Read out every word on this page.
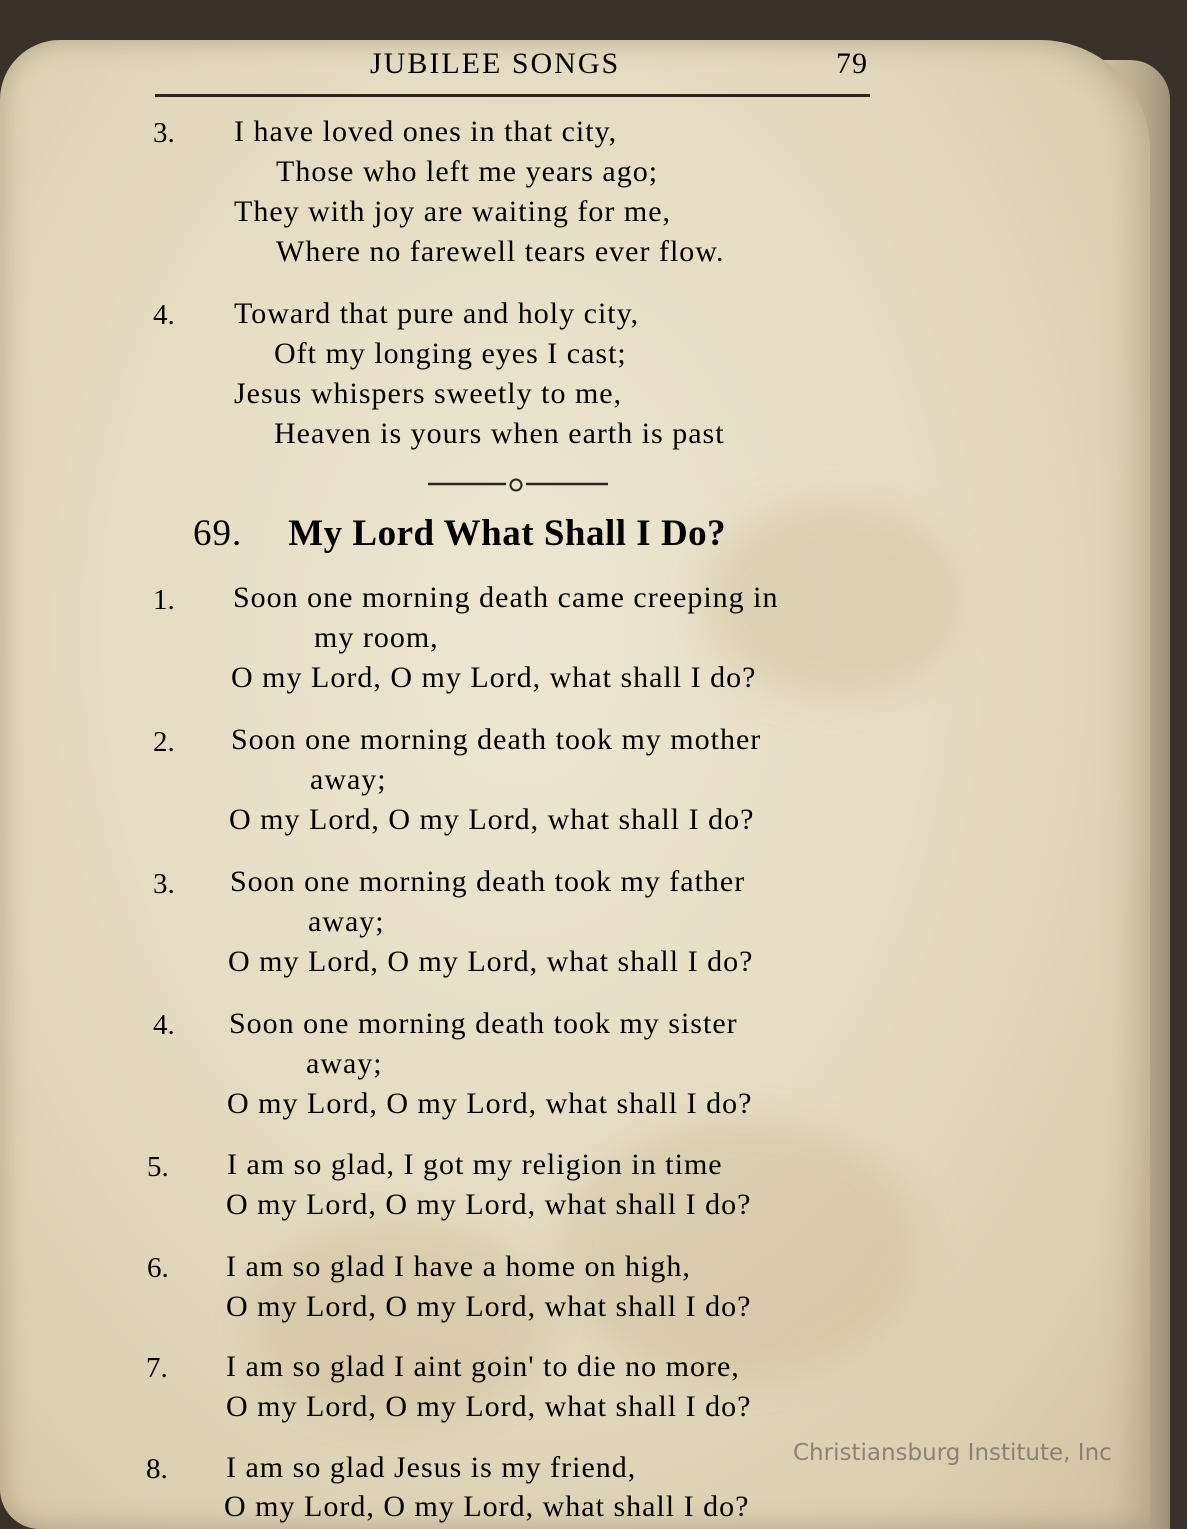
JUBILEE SONGS	79
3. I have loved ones in that city,
Those who left me years ago;
They with joy are waiting for me,
Where no farewell tears ever flow.
4. Toward that pure and holy city,
Oft my longing eyes I cast;
Jesus whispers sweetly to me,
Heaven is yours when earth is past
69. My Lord What Shall I Do?
1. Soon one morning death came creeping in
my room,
O my Lord, O my Lord, what shall I do?
2. Soon one morning death took my mother
away;
O my Lord, O my Lord, what shall I do?
3. Soon one morning death took my father
away;
O my Lord, O my Lord, what shall I do?
4. Soon one morning death took my sister
away;
O my Lord, O my Lord, what shall I do?
5. I am so glad, I got my religion in time
O my Lord, O my Lord, what shall I do?
6. I am so glad I have a home on high,
O my Lord, O my Lord, what shall I do?
7. I am so glad I aint goin' to die no more,
O my Lord, O my Lord, what shall I do?
8. I am so glad Jesus is my friend,
O my Lord, O my Lord, what shall I do?
Christiansburg Institute, Inc
